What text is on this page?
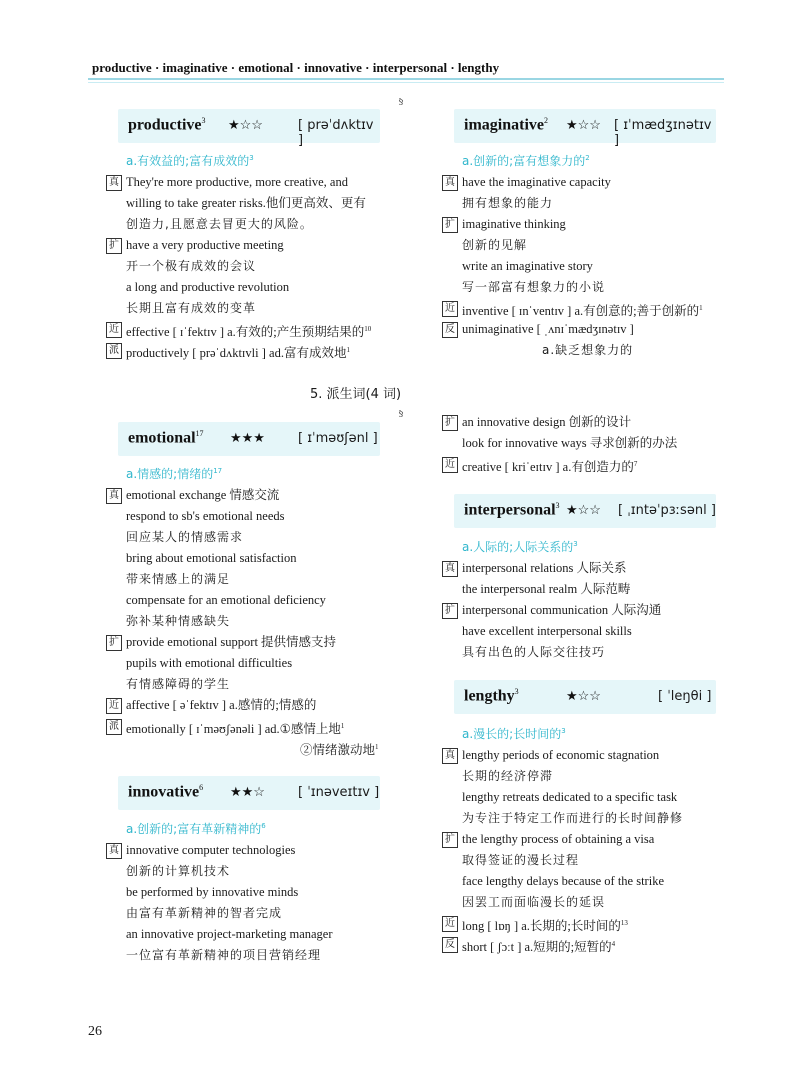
productive · imaginative · emotional · innovative · interpersonal · lengthy
§
§
productive$^3$ ★☆☆	[ prəˈdʌktɪv ]
a.有效益的;富有成效的$^3$
真 They're more productive, more creative, and
willing to take greater risks.他们更高效、更有
创造力,且愿意去冒更大的风险。
扩 have a very productive meeting
开一个极有成效的会议
a long and productive revolution
长期且富有成效的变革
近 effective [ ɪˈfektɪv ] a.有效的;产生预期结果的$^{10}$
派 productively [ prəˈdʌktɪvli ] ad.富有成效地$^1$
imaginative$^2$ ★☆☆ [ ɪˈmædʒɪnətɪv ]
a.创新的;富有想象力的$^2$
真 have the imaginative capacity
拥有想象的能力
扩 imaginative thinking
创新的见解
write an imaginative story
写一部富有想象力的小说
近 inventive [ ɪnˈventɪv ] a.有创意的;善于创新的$^1$
反 unimaginative [ ˌʌnɪˈmædʒɪnətɪv ]
a.缺乏想象力的
5. 派生词(4 词)
emotional$^{17}$ ★★★	[ ɪˈməʊʃənl ]
a.情感的;情绪的$^{17}$
真 emotional exchange 情感交流
respond to sb's emotional needs
回应某人的情感需求
bring about emotional satisfaction
带来情感上的满足
compensate for an emotional deficiency
弥补某种情感缺失
扩 provide emotional support 提供情感支持
pupils with emotional difficulties
有情感障碍的学生
近 affective [ əˈfektɪv ] a.感情的;情感的
派 emotionally [ ɪˈməʊʃənəli ] ad.①感情上地$^1$
②情绪激动地$^1$
innovative$^6$ ★★☆	[ ˈɪnəveɪtɪv ]
a.创新的;富有革新精神的$^6$
真 innovative computer technologies
创新的计算机技术
be performed by innovative minds
由富有革新精神的智者完成
an innovative project-marketing manager
一位富有革新精神的项目营销经理
扩 an innovative design 创新的设计
look for innovative ways 寻求创新的办法
近 creative [ kriˈeɪtɪv ] a.有创造力的$^7$
interpersonal$^3$ ★☆☆ [ ˌɪntəˈpɜːsənl ]
a.人际的;人际关系的$^3$
真 interpersonal relations 人际关系
the interpersonal realm 人际范畴
扩 interpersonal communication 人际沟通
have excellent interpersonal skills
具有出色的人际交往技巧
lengthy$^3$	★☆☆	[ ˈleŋθi ]
a.漫长的;长时间的$^3$
真 lengthy periods of economic stagnation
长期的经济停滞
lengthy retreats dedicated to a specific task
为专注于特定工作而进行的长时间静修
扩 the lengthy process of obtaining a visa
取得签证的漫长过程
face lengthy delays because of the strike
因罢工而面临漫长的延误
近 long [ lɒŋ ] a.长期的;长时间的$^{13}$
反 short [ ʃɔːt ] a.短期的;短暂的$^4$
26
